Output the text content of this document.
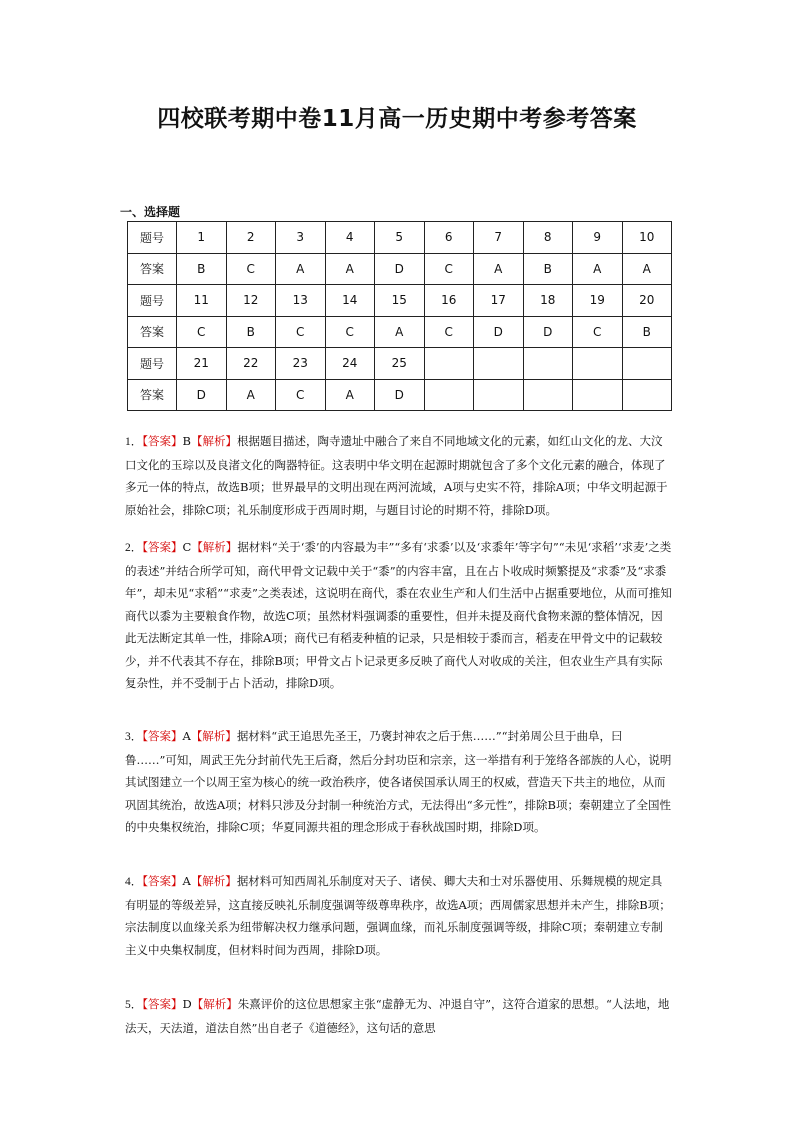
四校联考期中卷11月高一历史期中考参考答案
一、选择题
题号	1	2	3	4	5	6	7	8	9	10
答案	B	C	A	A	D	C	A	B	A	A
题号	11	12	13	14	15	16	17	18	19	20
答案	C	B	C	C	A	C	D	D	C	B
题号	21	22	23	24	25					
答案	D	A	C	A	D					
1．【答案】B【解析】根据题目描述，陶寺遗址中融合了来自不同地域文化的元素，如红山文化的龙、大汶口文化的玉琮以及良渚文化的陶器特征。这表明中华文明在起源时期就包含了多个文化元素的融合，体现了多元一体的特点，故选B项；世界最早的文明出现在两河流域，A项与史实不符，排除A项；中华文明起源于原始社会，排除C项；礼乐制度形成于西周时期，与题目讨论的时期不符，排除D项。
2．【答案】C【解析】据材料“关于‘黍’的内容最为丰”“多有‘求黍’以及‘求黍年’等字句”“未见‘求稻’‘求麦’之类的表述”并结合所学可知，商代甲骨文记载中关于“黍”的内容丰富，且在占卜收成时频繁提及“求黍”及“求黍年”，却未见“求稻”“求麦”之类表述，这说明在商代，黍在农业生产和人们生活中占据重要地位，从而可推知商代以黍为主要粮食作物，故选C项；虽然材料强调黍的重要性，但并未提及商代食物来源的整体情况，因此无法断定其单一性，排除A项；商代已有稻麦种植的记录，只是相较于黍而言，稻麦在甲骨文中的记载较少，并不代表其不存在，排除B项；甲骨文占卜记录更多反映了商代人对收成的关注，但农业生产具有实际复杂性，并不受制于占卜活动，排除D项。
3．【答案】A【解析】据材料“武王追思先圣王，乃褒封神农之后于焦……”“封弟周公旦于曲阜，曰鲁……”可知，周武王先分封前代先王后裔，然后分封功臣和宗亲，这一举措有利于笼络各部族的人心，说明其试图建立一个以周王室为核心的统一政治秩序，使各诸侯国承认周王的权威，营造天下共主的地位，从而巩固其统治，故选A项；材料只涉及分封制一种统治方式，无法得出“多元性”，排除B项；秦朝建立了全国性的中央集权统治，排除C项；华夏同源共祖的理念形成于春秋战国时期，排除D项。
4．【答案】A【解析】据材料可知西周礼乐制度对天子、诸侯、卿大夫和士对乐器使用、乐舞规模的规定具有明显的等级差异，这直接反映礼乐制度强调等级尊卑秩序，故选A项；西周儒家思想并未产生，排除B项；宗法制度以血缘关系为纽带解决权力继承问题，强调血缘，而礼乐制度强调等级，排除C项；秦朝建立专制主义中央集权制度，但材料时间为西周，排除D项。
5．【答案】D【解析】朱熹评价的这位思想家主张“虚静无为、冲退自守”，这符合道家的思想。“人法地，地法天，天法道，道法自然”出自老子《道德经》，这句话的意思
